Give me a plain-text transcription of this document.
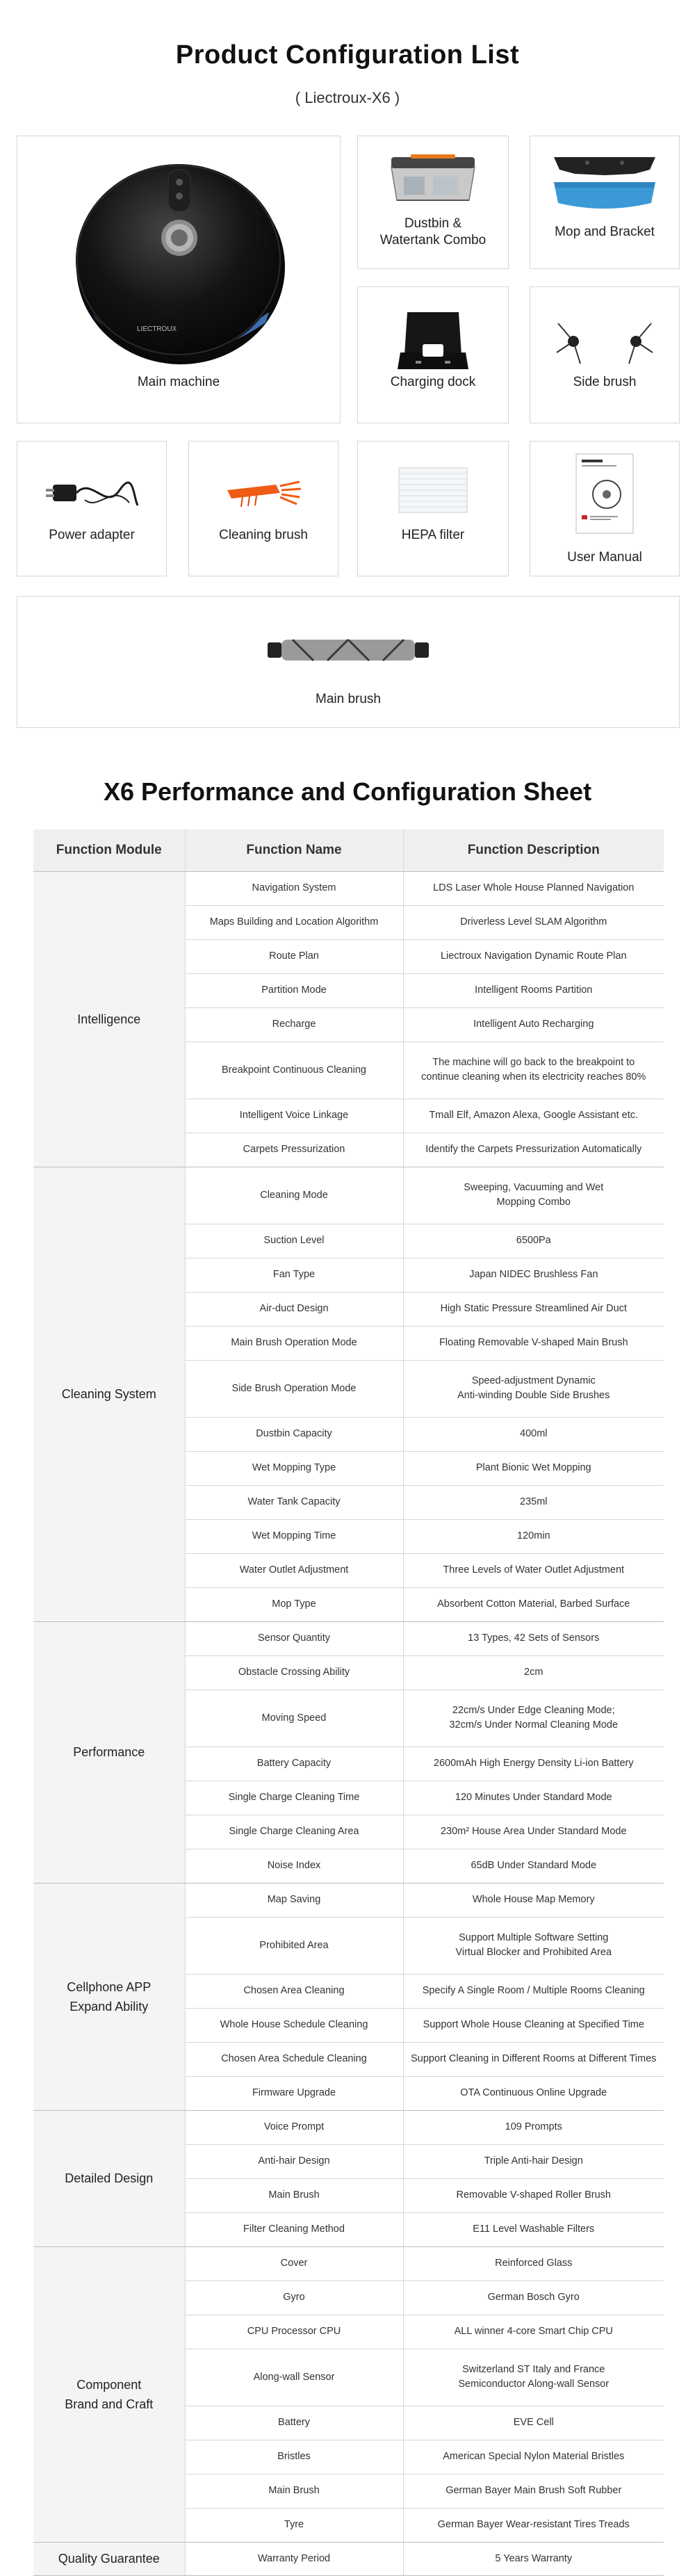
Product Configuration List
( Liectroux-X6 )
LIECTROUX
Main machine
Dustbin &
Watertank Combo
Mop and Bracket
Charging dock	Side brush
Power adapter	Cleaning brush	HEPA filter
User Manual
Main brush
X6 Performance and Configuration Sheet
Function Module	Function Name	Function Description
Intelligence	Navigation System	LDS Laser Whole House Planned Navigation
	Maps Building and Location Algorithm	Driverless Level SLAM Algorithm
	Route Plan	Liectroux Navigation Dynamic Route Plan
	Partition Mode	Intelligent Rooms Partition
	Recharge	Intelligent Auto Recharging
	Breakpoint Continuous Cleaning	The machine will go back to the breakpoint to
continue cleaning when its electricity reaches 80%
	Intelligent Voice Linkage	Tmall Elf, Amazon Alexa, Google Assistant etc.
	Carpets Pressurization	Identify the Carpets Pressurization Automatically
Cleaning System	Cleaning Mode	Sweeping, Vacuuming and Wet
Mopping Combo
	Suction Level	6500Pa
	Fan Type	Japan NIDEC Brushless Fan
	Air-duct Design	High Static Pressure Streamlined Air Duct
	Main Brush Operation Mode	Floating Removable V-shaped Main Brush
	Side Brush Operation Mode	Speed-adjustment Dynamic
Anti-winding Double Side Brushes
	Dustbin Capacity	400ml
	Wet Mopping Type	Plant Bionic Wet Mopping
	Water Tank Capacity	235ml
	Wet Mopping Time	120min
	Water Outlet Adjustment	Three Levels of Water Outlet Adjustment
	Mop Type	Absorbent Cotton Material, Barbed Surface
Performance	Sensor Quantity	13 Types, 42 Sets of Sensors
	Obstacle Crossing Ability	2cm
	Moving Speed	22cm/s Under Edge Cleaning Mode;
32cm/s Under Normal Cleaning Mode
	Battery Capacity	2600mAh High Energy Density Li-ion Battery
	Single Charge Cleaning Time	120 Minutes Under Standard Mode
	Single Charge Cleaning Area	230m² House Area Under Standard Mode
	Noise Index	65dB Under Standard Mode
Cellphone APP
Expand Ability	Map Saving	Whole House Map Memory
	Prohibited Area	Support Multiple Software Setting
Virtual Blocker and Prohibited Area
	Chosen Area Cleaning	Specify A Single Room / Multiple Rooms Cleaning
	Whole House Schedule Cleaning	Support Whole House Cleaning at Specified Time
	Chosen Area Schedule Cleaning	Support Cleaning in Different Rooms at Different Times
	Firmware Upgrade	OTA Continuous Online Upgrade
Detailed Design	Voice Prompt	109 Prompts
	Anti-hair Design	Triple Anti-hair Design
	Main Brush	Removable V-shaped Roller Brush
	Filter Cleaning Method	E11 Level Washable Filters
Component
Brand and Craft	Cover	Reinforced Glass
	Gyro	German Bosch Gyro
	CPU Processor CPU	ALL winner 4-core Smart Chip CPU
	Along-wall Sensor	Switzerland ST Italy and France
Semiconductor Along-wall Sensor
	Battery	EVE Cell
	Bristles	American Special Nylon Material Bristles
	Main Brush	German Bayer Main Brush Soft Rubber
	Tyre	German Bayer Wear-resistant Tires Treads
Quality Guarantee	Warranty Period	5 Years Warranty
